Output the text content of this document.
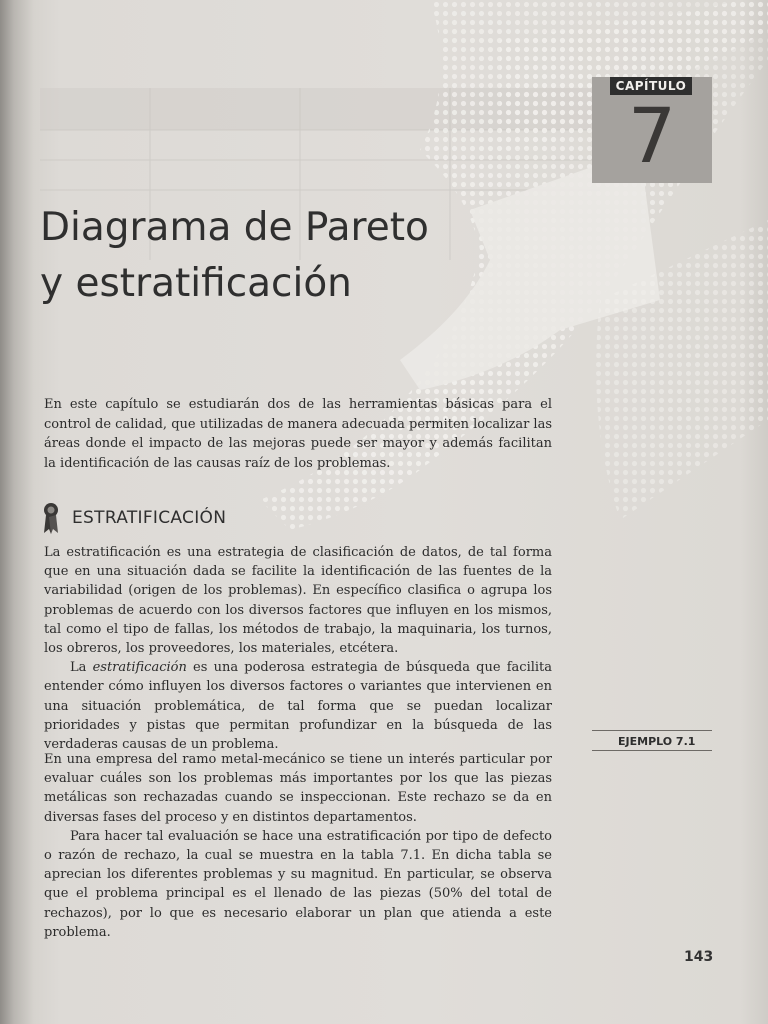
CAPÍTULO
7
Diagrama de Pareto
y estratificación

En este capítulo se estudiarán dos de las herramientas básicas para el control de calidad, que utilizadas de manera adecuada permiten localizar las áreas donde el impacto de las mejoras puede ser mayor y además facilitan la identificación de las causas raíz de los problemas.

ESTRATIFICACIÓN

La estratificación es una estrategia de clasificación de datos, de tal forma que en una situación dada se facilite la identificación de las fuentes de la variabilidad (origen de los problemas). En específico clasifica o agrupa los problemas de acuerdo con los diversos factores que influyen en los mismos, tal como el tipo de fallas, los métodos de trabajo, la maquinaria, los turnos, los obreros, los proveedores, los materiales, etcétera.

La estratificación es una poderosa estrategia de búsqueda que facilita entender cómo influyen los diversos factores o variantes que intervienen en una situación problemática, de tal forma que se puedan localizar prioridades y pistas que permitan profundizar en la búsqueda de las verdaderas causas de un problema.	EJEMPLO 7.1

En una empresa del ramo metal-mecánico se tiene un interés particular por evaluar cuáles son los problemas más importantes por los que las piezas metálicas son rechazadas cuando se inspeccionan. Este rechazo se da en diversas fases del proceso y en distintos departamentos.

Para hacer tal evaluación se hace una estratificación por tipo de defecto o razón de rechazo, la cual se muestra en la tabla 7.1. En dicha tabla se aprecian los diferentes problemas y su magnitud. En particular, se observa que el problema principal es el llenado de las piezas (50% del total de rechazos), por lo que es necesario elaborar un plan que atienda a este problema.

143
